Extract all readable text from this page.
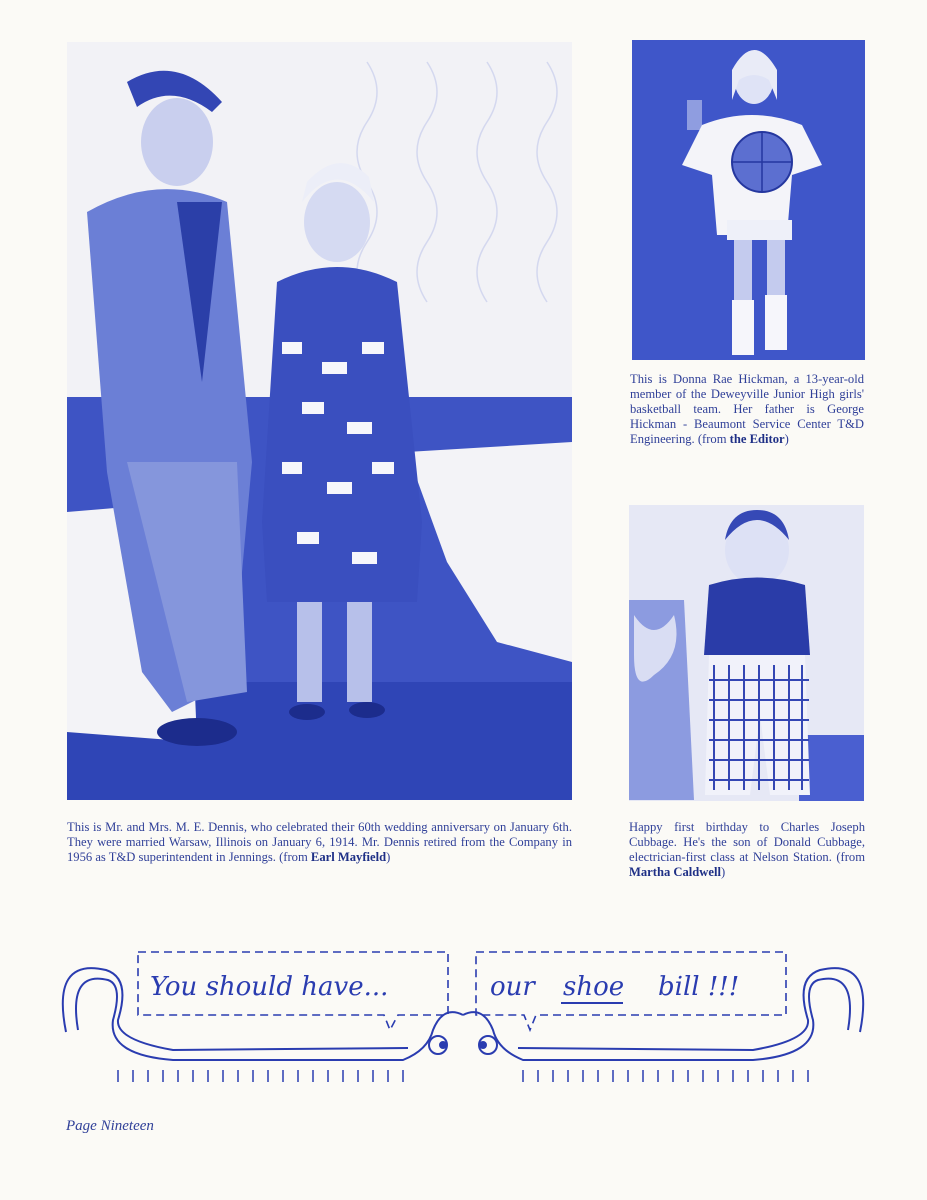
This is Mr. and Mrs. M. E. Dennis, who celebrated their 60th wedding anniversary on January 6th. They were married Warsaw, Illinois on January 6, 1914. Mr. Dennis retired from the Company in 1956 as T&D superintendent in Jennings. (from Earl Mayfield)

This is Donna Rae Hickman, a 13-year-old member of the Deweyville Junior High girls' basketball team. Her father is George Hickman - Beaumont Service Center T&D Engineering. (from the Editor)

Happy first birthday to Charles Joseph Cubbage. He's the son of Donald Cubbage, electrician-first class at Nelson Station. (from Martha Caldwell)

You should have...	our shoe bill !!!
Page Nineteen
